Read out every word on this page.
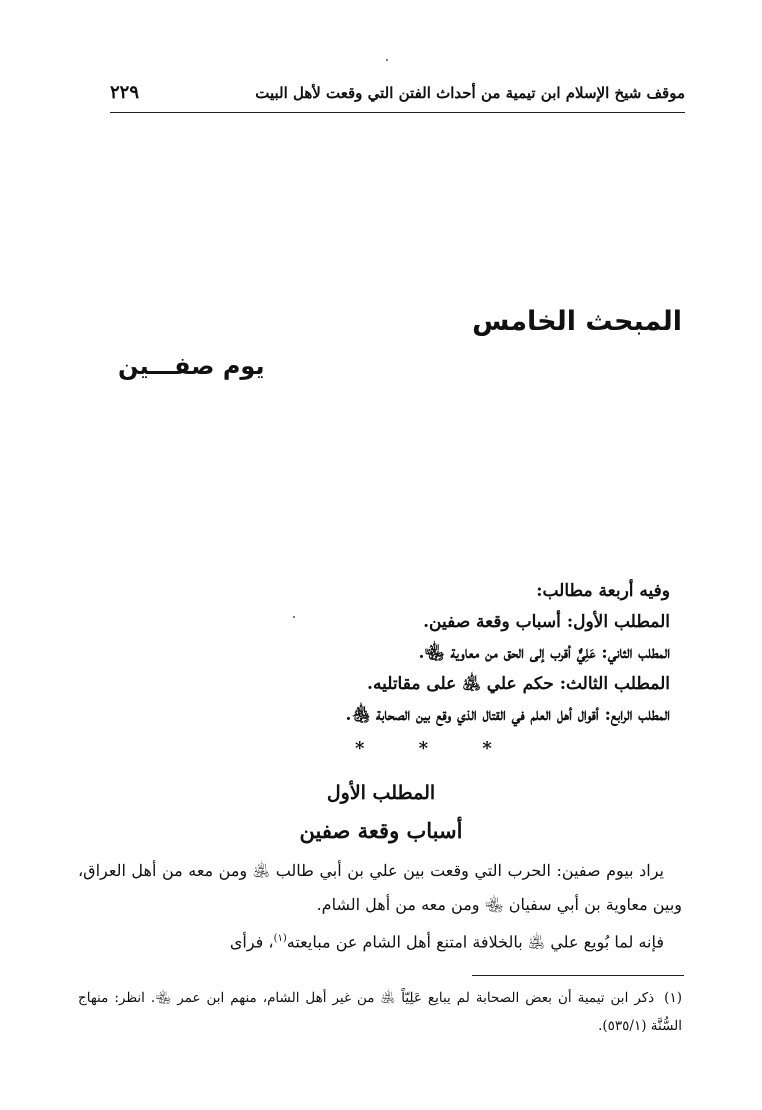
موقف شيخ الإسلام ابن تيمية من أحداث الفتن التي وقعت لأهل البيت
٢٢٩
المبحث الخامس
يوم صفـــين
وفيه أربعة مطالب:
المطلب الأول: أسباب وقعة صفين.
المطلب الثاني: عَلِيٌّ أقرب إلى الحق من معاوية ﵄.
المطلب الثالث: حكم علي ﵁ على مقاتليه.
المطلب الرابع: أقوال أهل العلم في القتال الذي وقع بين الصحابة ﵃.
* * *
المطلب الأول
أسباب وقعة صفين

يراد بيوم صفين: الحرب التي وقعت بين علي بن أبي طالب ﵁ ومن معه من أهل العراق، وبين معاوية بن أبي سفيان ﵄ ومن معه من أهل الشام.

فإنه لما بُويع علي ﵁ بالخلافة امتنع أهل الشام عن مبايعته$^{(١)}$، فرأى

(١)ذكر ابن تيمية أن بعض الصحابة لم يبايع عَلِيّاً ﵁ من غير أهل الشام، منهم ابن عمر ﵄. انظر: منهاج السُّنَّة (٥٣٥/١).
